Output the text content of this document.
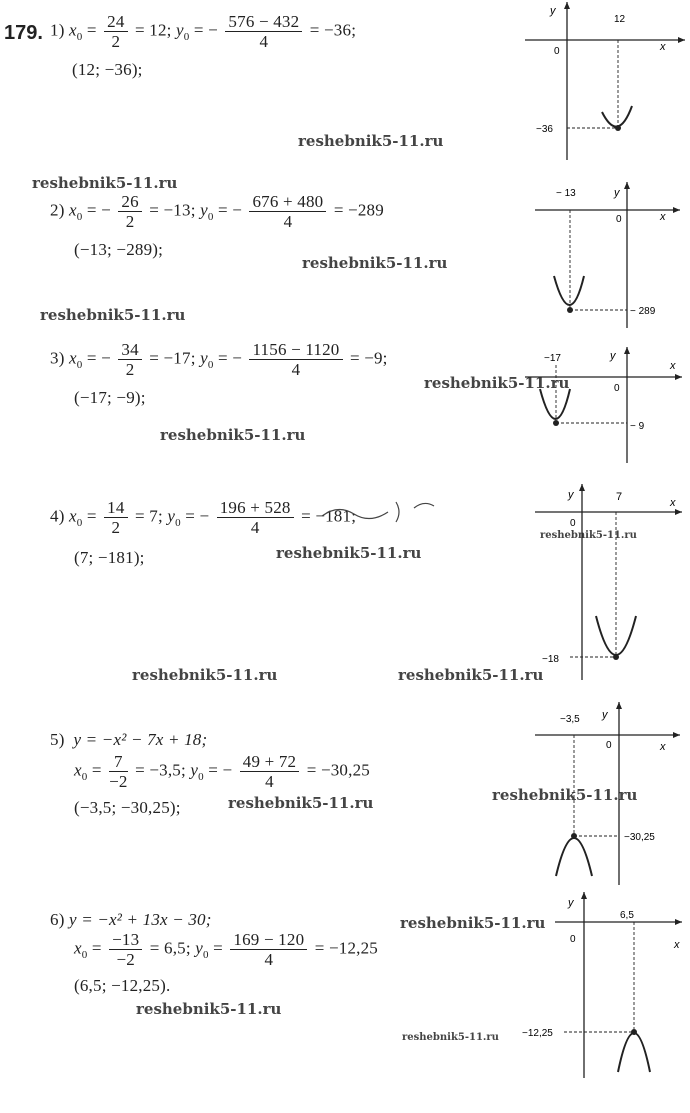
179. 1) $x_0 = \frac{24}{2} = 12$; $y_0$ = − $\frac{576 - 432}{4} = -36$;
(12; −36);
2) $x_0$ = − $\frac{26}{2} = -13$; $y_0$ = − $\frac{676 + 480}{4} = -289$
(−13; −289);
3) $x_0$ = − $\frac{34}{2} = -17$; $y_0$ = − $\frac{1156 - 1120}{4} = -9$;
(−17; −9);
4) $x_0 = \frac{14}{2} = 7$; $y_0$ = − $\frac{196 + 528}{4} = -181$;
(7; −181);
5) y = −x² − 7x + 18;
$x_0 = \frac{7}{-2} = -3,5$; $y_0$ = − $\frac{49 + 72}{4} = -30,25$
(−3,5; −30,25);
6) y = −x² + 13x − 30;
$x_0 = \frac{-13}{-2} = 6,5$; $y_0 = \frac{169 - 120}{4} = -12,25$
(6,5; −12,25).
reshebnik5-11.ru
reshebnik5-11.ru
reshebnik5-11.ru
reshebnik5-11.ru
reshebnik5-11.ru
reshebnik5-11.ru
reshebnik5-11.ru
reshebnik5-11.ru
reshebnik5-11.ru	reshebnik5-11.ru
reshebnik5-11.ru
reshebnik5-11.ru
reshebnik5-11.ru
reshebnik5-11.ru
reshebnik5-11.ru
x
y
0
12
−36
x
y
0
− 13
− 289
x
y
0
−17
− 9
x
y
0
7
−18
x
y
0
−3,5
−30,25
x
y
0
6,5
−12,25
